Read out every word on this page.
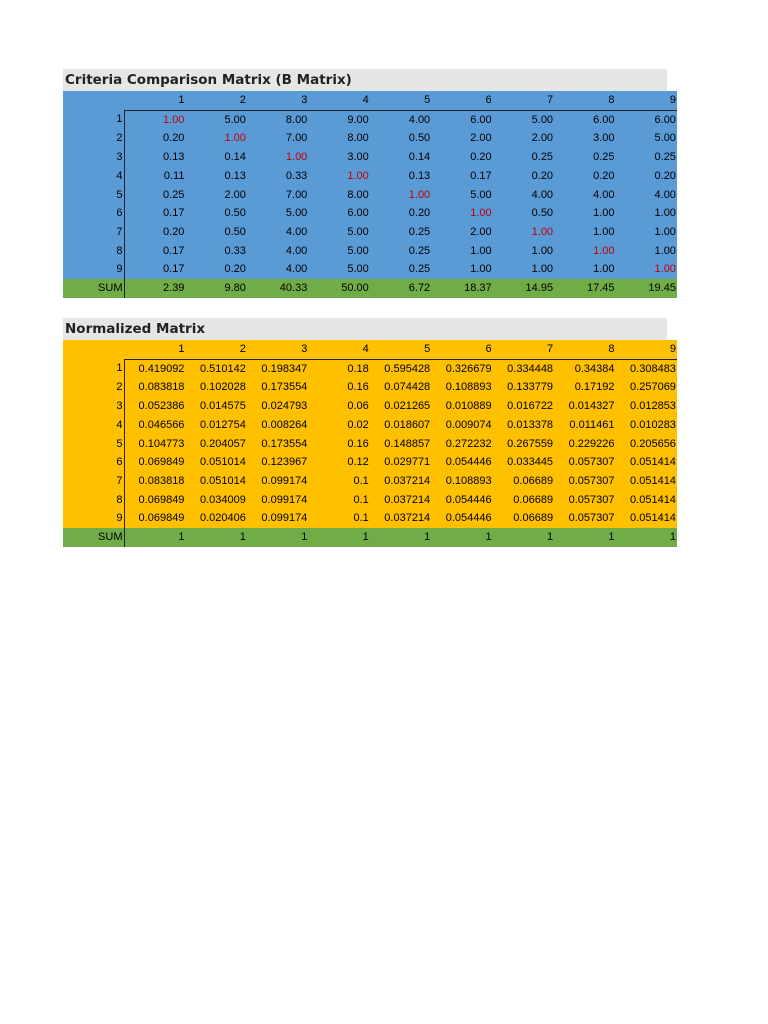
Criteria Comparison Matrix (B Matrix)
	1	2	3	4	5	6	7	8	9
1	1.00	5.00	8.00	9.00	4.00	6.00	5.00	6.00	6.00
2	0.20	1.00	7.00	8.00	0.50	2.00	2.00	3.00	5.00
3	0.13	0.14	1.00	3.00	0.14	0.20	0.25	0.25	0.25
4	0.11	0.13	0.33	1.00	0.13	0.17	0.20	0.20	0.20
5	0.25	2.00	7.00	8.00	1.00	5.00	4.00	4.00	4.00
6	0.17	0.50	5.00	6.00	0.20	1.00	0.50	1.00	1.00
7	0.20	0.50	4.00	5.00	0.25	2.00	1.00	1.00	1.00
8	0.17	0.33	4.00	5.00	0.25	1.00	1.00	1.00	1.00
9	0.17	0.20	4.00	5.00	0.25	1.00	1.00	1.00	1.00
SUM	2.39	9.80	40.33	50.00	6.72	18.37	14.95	17.45	19.45
Normalized Matrix
	1	2	3	4	5	6	7	8	9
1	0.419092	0.510142	0.198347	0.18	0.595428	0.326679	0.334448	0.34384	0.308483
2	0.083818	0.102028	0.173554	0.16	0.074428	0.108893	0.133779	0.17192	0.257069
3	0.052386	0.014575	0.024793	0.06	0.021265	0.010889	0.016722	0.014327	0.012853
4	0.046566	0.012754	0.008264	0.02	0.018607	0.009074	0.013378	0.011461	0.010283
5	0.104773	0.204057	0.173554	0.16	0.148857	0.272232	0.267559	0.229226	0.205656
6	0.069849	0.051014	0.123967	0.12	0.029771	0.054446	0.033445	0.057307	0.051414
7	0.083818	0.051014	0.099174	0.1	0.037214	0.108893	0.06689	0.057307	0.051414
8	0.069849	0.034009	0.099174	0.1	0.037214	0.054446	0.06689	0.057307	0.051414
9	0.069849	0.020406	0.099174	0.1	0.037214	0.054446	0.06689	0.057307	0.051414
SUM	1	1	1	1	1	1	1	1	1
